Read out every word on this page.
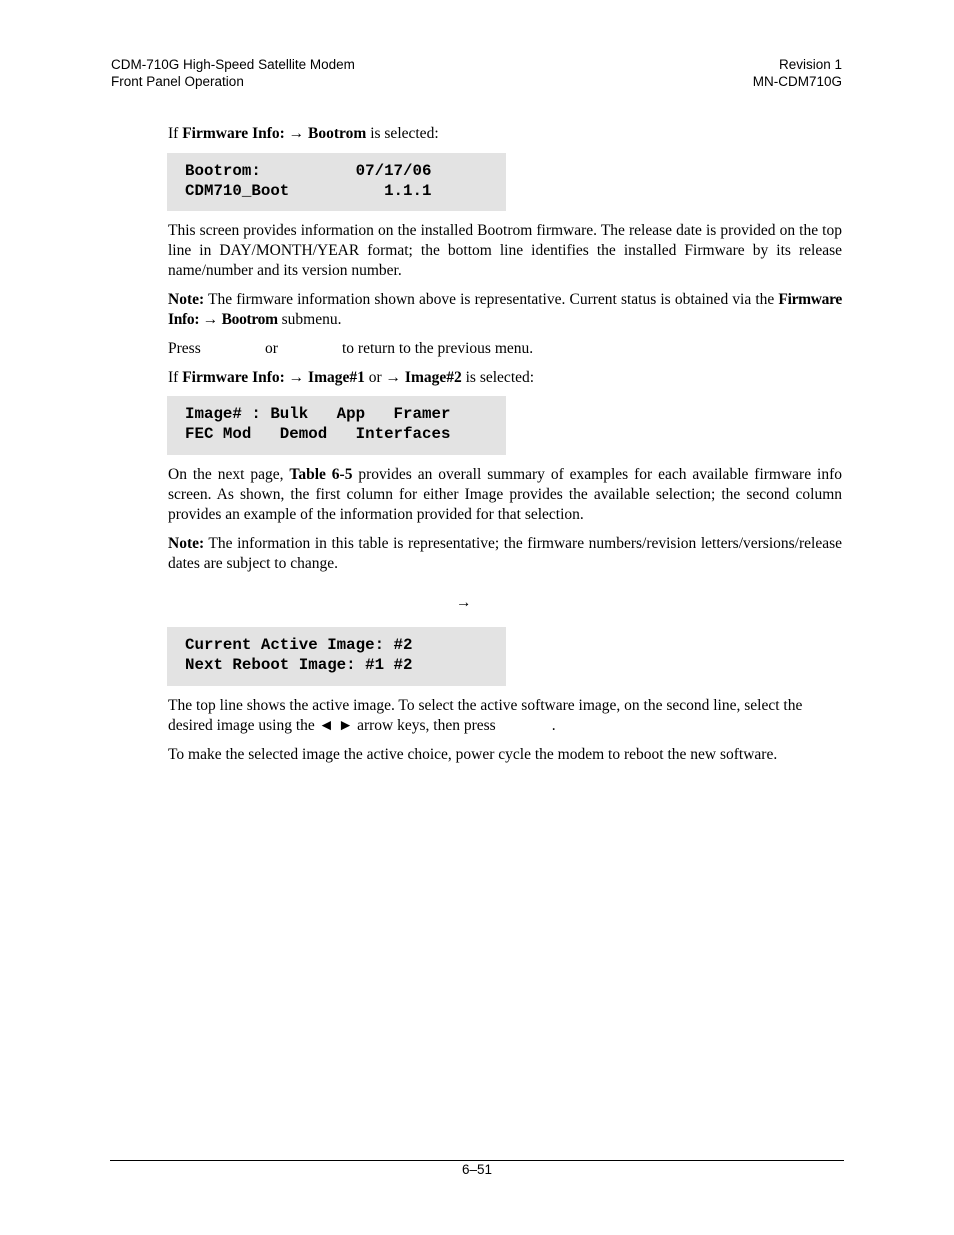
CDM-710G High-Speed Satellite Modem
Front Panel Operation
Revision 1
MN-CDM710G
If Firmware Info: → Bootrom is selected:
Bootrom:          07/17/06
CDM710_Boot          1.1.1
This screen provides information on the installed Bootrom firmware. The release date is provided on the top line in DAY/MONTH/YEAR format; the bottom line identifies the installed Firmware by its release name/number and its version number.
Note: The firmware information shown above is representative. Current status is obtained via the Firmware Info: → Bootrom submenu.
Press	or	to return to the previous menu.
If Firmware Info: → Image#1 or → Image#2 is selected:
Image# : Bulk   App   Framer
FEC Mod   Demod   Interfaces
On the next page, Table 6-5 provides an overall summary of examples for each available firmware info screen. As shown, the first column for either Image provides the available selection; the second column provides an example of the information provided for that selection.
Note: The information in this table is representative; the firmware numbers/revision letters/versions/release dates are subject to change.
→
Current Active Image: #2
Next Reboot Image: #1 #2
The top line shows the active image. To select the active software image, on the second line, select the desired image using the ◄ ► arrow keys, then press	.
To make the selected image the active choice, power cycle the modem to reboot the new software.
6–51
